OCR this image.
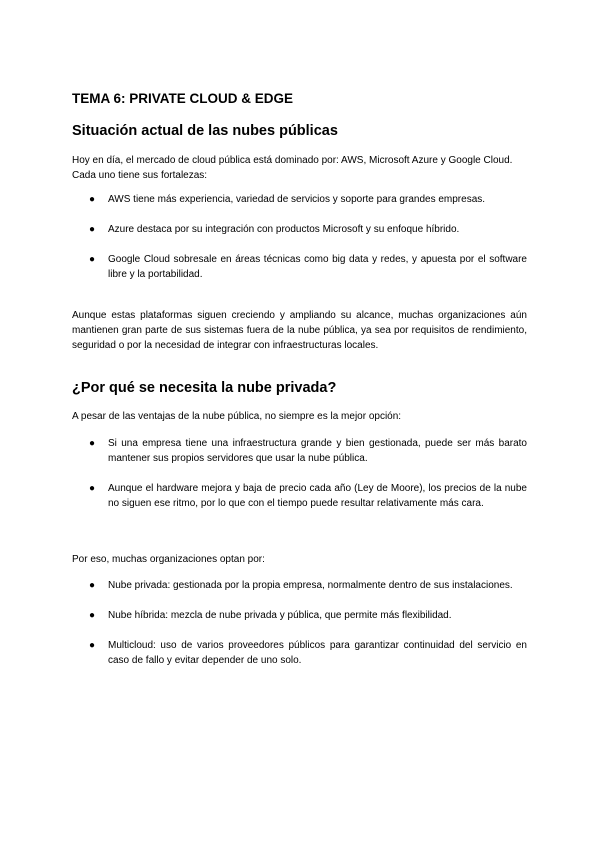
TEMA 6: PRIVATE CLOUD & EDGE
Situación actual de las nubes públicas

Hoy en día, el mercado de cloud pública está dominado por: AWS, Microsoft Azure y Google Cloud. Cada uno tiene sus fortalezas:

● AWS tiene más experiencia, variedad de servicios y soporte para grandes empresas.
● Azure destaca por su integración con productos Microsoft y su enfoque híbrido.
● Google Cloud sobresale en áreas técnicas como big data y redes, y apuesta por el software libre y la portabilidad.

Aunque estas plataformas siguen creciendo y ampliando su alcance, muchas organizaciones aún mantienen gran parte de sus sistemas fuera de la nube pública, ya sea por requisitos de rendimiento, seguridad o por la necesidad de integrar con infraestructuras locales.

¿Por qué se necesita la nube privada?

A pesar de las ventajas de la nube pública, no siempre es la mejor opción:

● Si una empresa tiene una infraestructura grande y bien gestionada, puede ser más barato mantener sus propios servidores que usar la nube pública.
● Aunque el hardware mejora y baja de precio cada año (Ley de Moore), los precios de la nube no siguen ese ritmo, por lo que con el tiempo puede resultar relativamente más cara.

Por eso, muchas organizaciones optan por:

● Nube privada: gestionada por la propia empresa, normalmente dentro de sus instalaciones.
● Nube híbrida: mezcla de nube privada y pública, que permite más flexibilidad.
● Multicloud: uso de varios proveedores públicos para garantizar continuidad del servicio en caso de fallo y evitar depender de uno solo.
